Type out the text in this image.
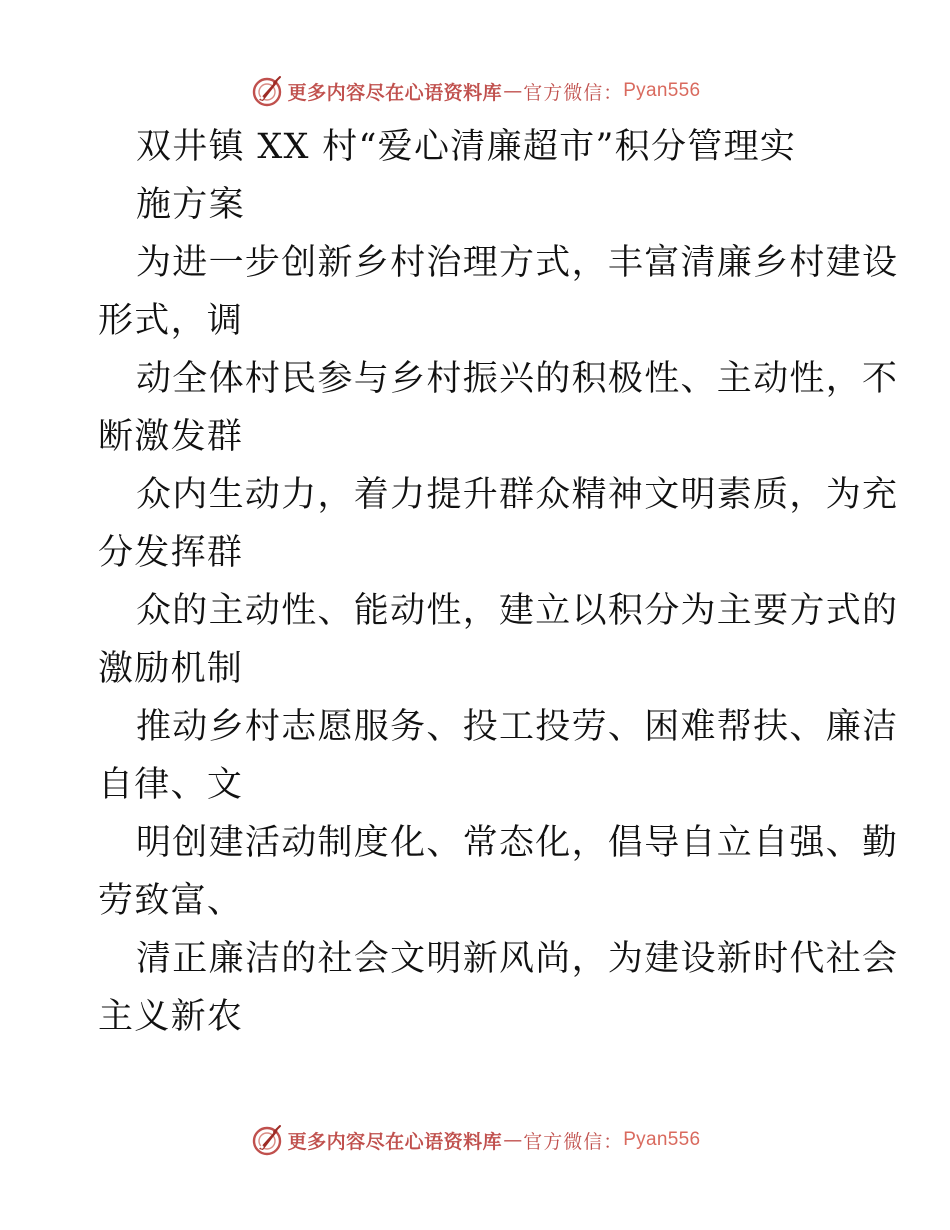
更多内容尽在心语资料库 — 官方微信： Pyan556
双井镇 XX 村“爱心清廉超市”积分管理实
施方案
为进一步创新乡村治理方式，丰富清廉乡村建设
形式，调
动全体村民参与乡村振兴的积极性、主动性，不
断激发群
众内生动力，着力提升群众精神文明素质，为充
分发挥群
众的主动性、能动性，建立以积分为主要方式的
激励机制
推动乡村志愿服务、投工投劳、困难帮扶、廉洁
自律、文
明创建活动制度化、常态化，倡导自立自强、勤
劳致富、
清正廉洁的社会文明新风尚，为建设新时代社会
主义新农
更多内容尽在心语资料库 — 官方微信： Pyan556
